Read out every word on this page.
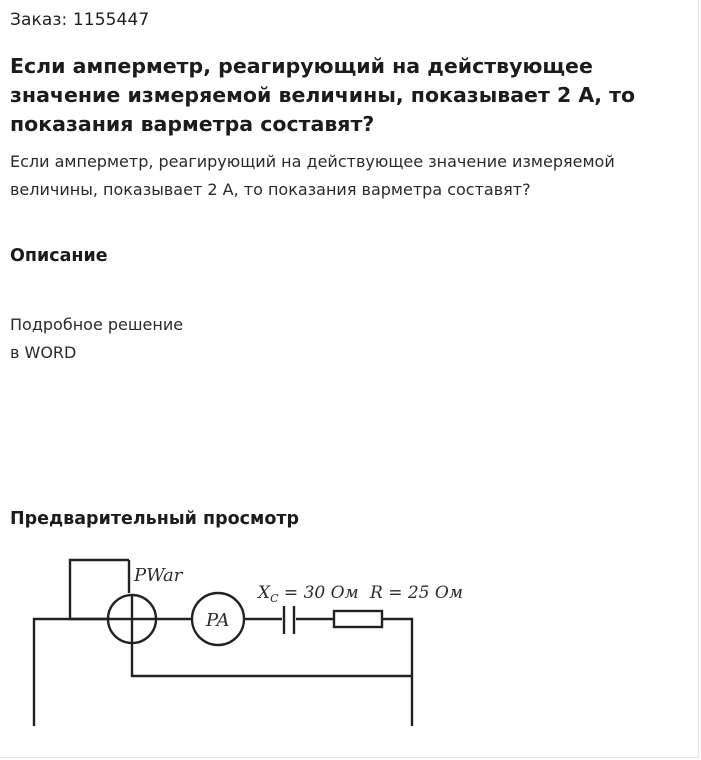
Заказ: 1155447
Если амперметр, реагирующий на действующее значение измеряемой величины, показывает 2 А, то показания варметра составят?

Если амперметр, реагирующий на действующее значение измеряемой величины, показывает 2 А, то показания варметра составят?

Описание

Подробное решение
в WORD

Предварительный просмотр
PWar
PA
$X_C = 30$ Ом R = 25 Ом
